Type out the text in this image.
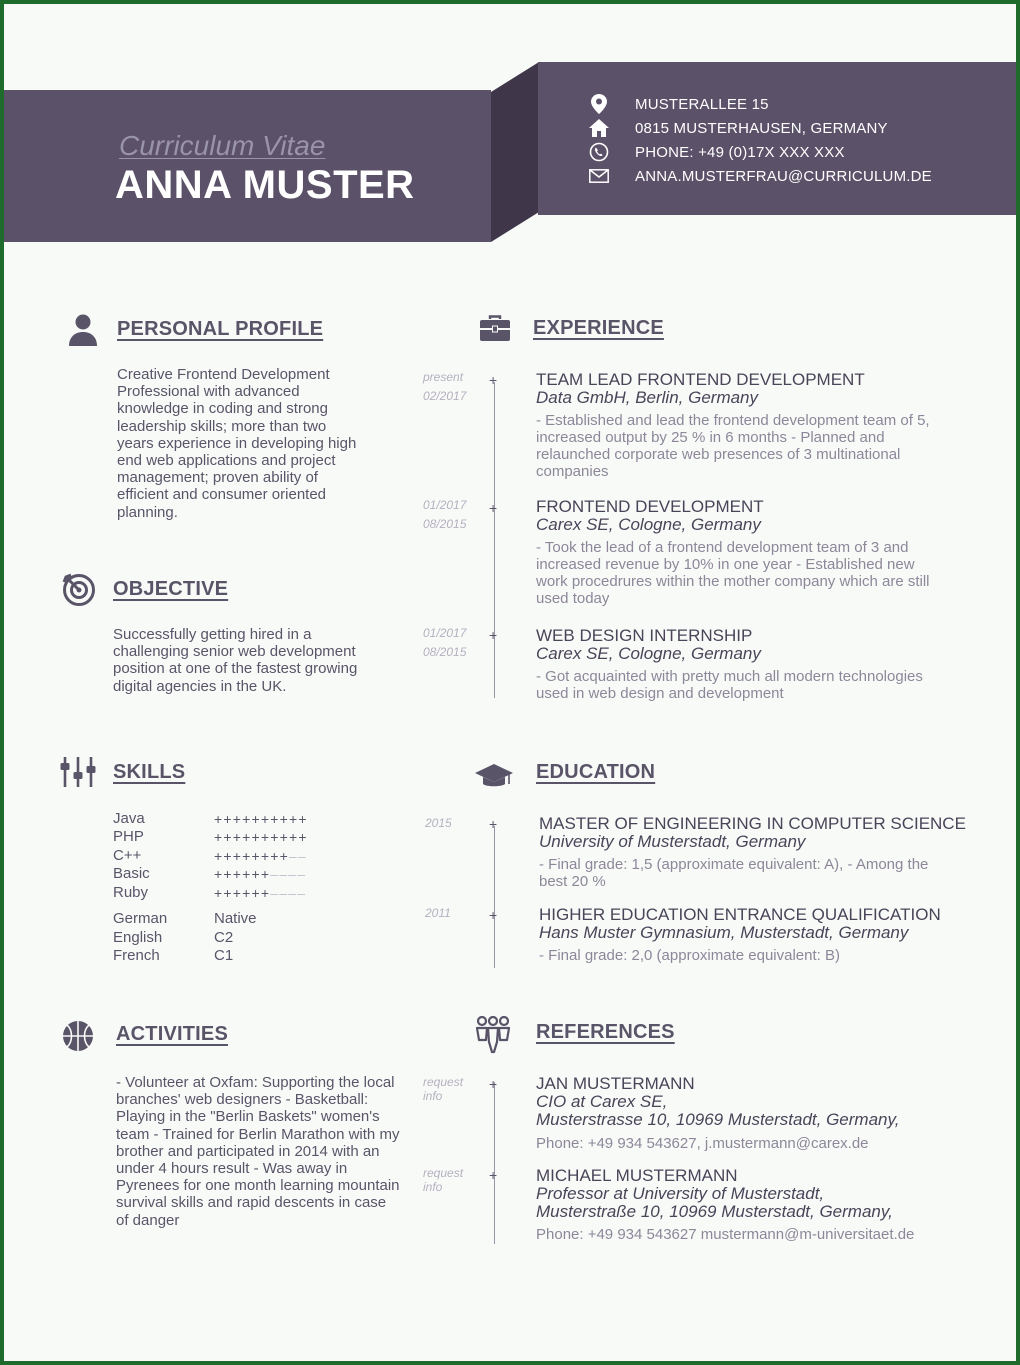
Curriculum Vitae
ANNA MUSTER
MUSTERALLEE 15
0815 MUSTERHAUSEN, GERMANY
PHONE: +49 (0)17X XXX XXX
ANNA.MUSTERFRAU@CURRICULUM.DE
PERSONAL PROFILE
Creative Frontend Development Professional with advanced knowledge in coding and strong leadership skills; more than two years experience in developing high end web applications and project management; proven ability of efficient and consumer oriented planning.
OBJECTIVE
Successfully getting hired in a challenging senior web development position at one of the fastest growing digital agencies in the UK.
SKILLS
Java	++++++++++
PHP	++++++++++
C++	++++++++––
Basic	++++++––––
Ruby	++++++––––
German	Native
English	C2
French	C1
ACTIVITIES
- Volunteer at Oxfam: Supporting the local branches' web designers - Basketball: Playing in the "Berlin Baskets" women's team - Trained for Berlin Marathon with my brother and participated in 2014 with an under 4 hours result - Was away in Pyrenees for one month learning mountain survival skills and rapid descents in case of danger
EXPERIENCE
present
02/2017
+ TEAM LEAD FRONTEND DEVELOPMENT
Data GmbH, Berlin, Germany
- Established and lead the frontend development team of 5, increased output by 25 % in 6 months - Planned and relaunched corporate web presences of 3 multinational companies
01/2017
08/2015
+ FRONTEND DEVELOPMENT
Carex SE, Cologne, Germany
- Took the lead of a frontend development team of 3 and increased revenue by 10% in one year - Established new work procedrures within the mother company which are still used today
01/2017
08/2015
+ WEB DESIGN INTERNSHIP
Carex SE, Cologne, Germany
- Got acquainted with pretty much all modern technologies used in web design and development
EDUCATION
2015	+ MASTER OF ENGINEERING IN COMPUTER SCIENCE
University of Musterstadt, Germany
- Final grade: 1,5 (approximate equivalent: A), - Among the best 20 %
2011	+ HIGHER EDUCATION ENTRANCE QUALIFICATION
Hans Muster Gymnasium, Musterstadt, Germany
- Final grade: 2,0 (approximate equivalent: B)
REFERENCES
request info
+ JAN MUSTERMANN
CIO at Carex SE,
Musterstrasse 10, 10969 Musterstadt, Germany,
Phone: +49 934 543627, j.mustermann@carex.de
request info
+ MICHAEL MUSTERMANN
Professor at University of Musterstadt,
Musterstraße 10, 10969 Musterstadt, Germany,
Phone: +49 934 543627 mustermann@m-universitaet.de
